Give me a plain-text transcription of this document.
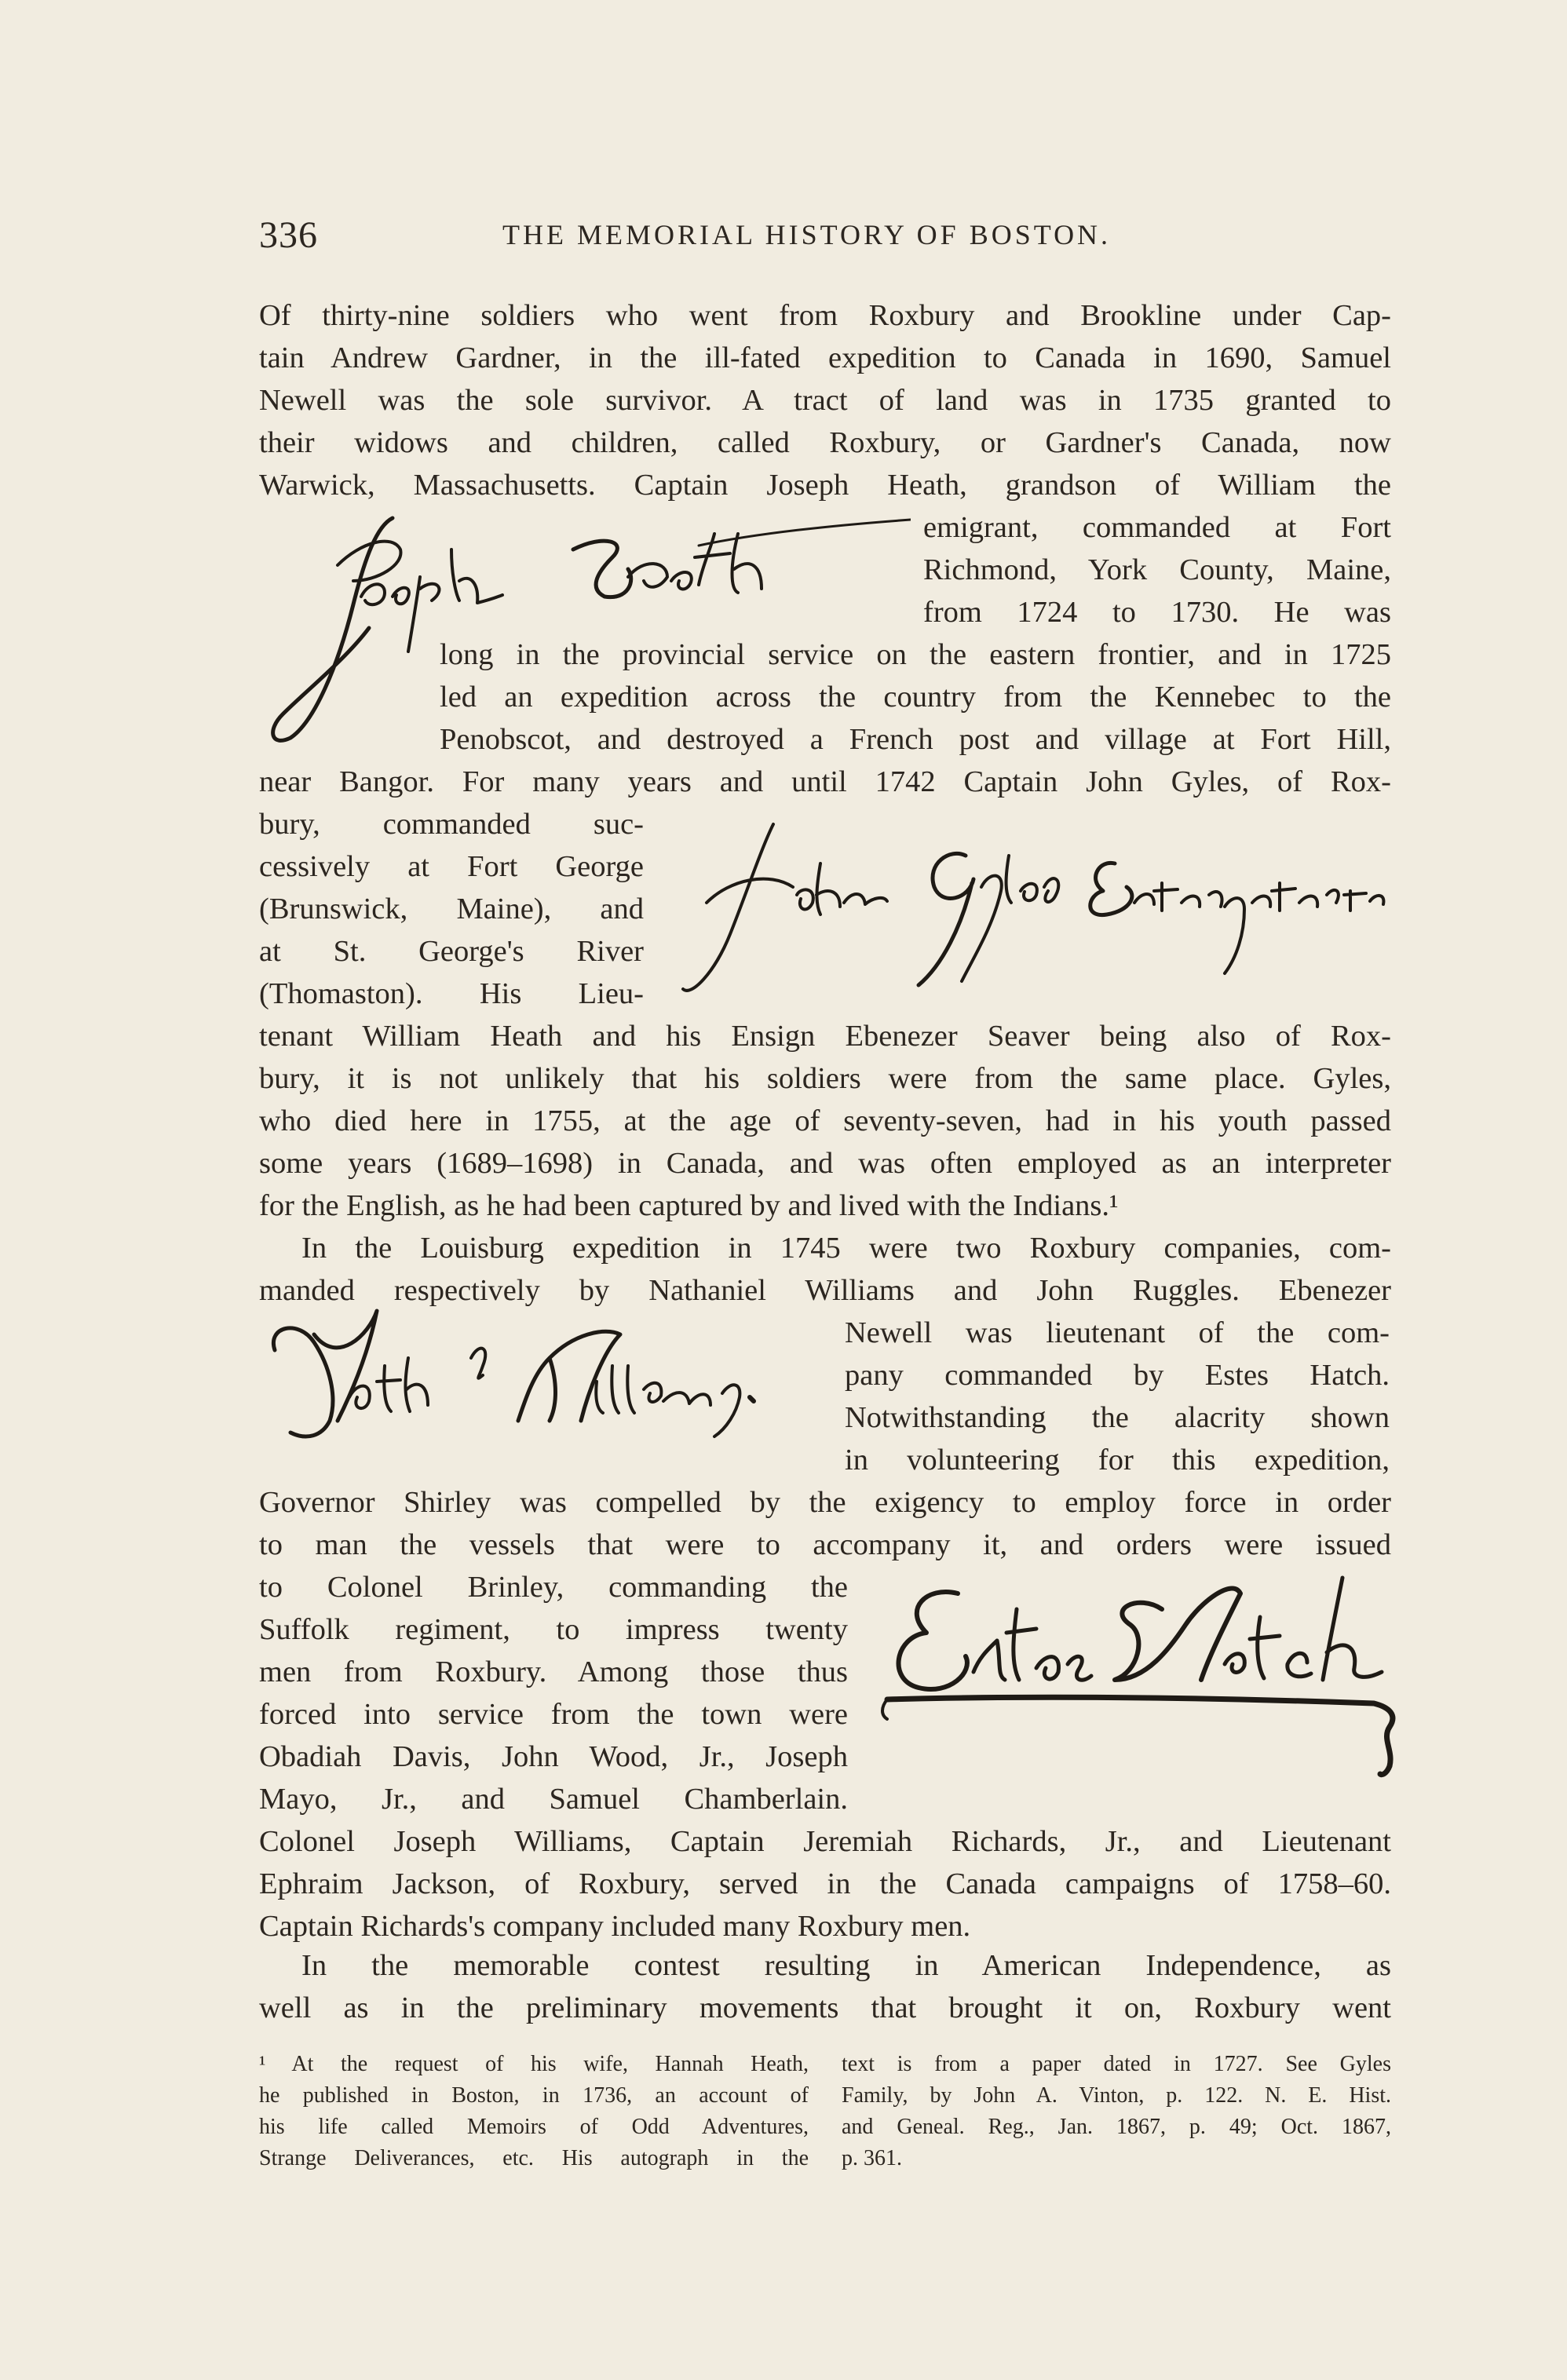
336	THE MEMORIAL HISTORY OF BOSTON.
Of thirty-nine soldiers who went from Roxbury and Brookline under Cap-
tain Andrew Gardner, in the ill-fated expedition to Canada in 1690, Samuel
Newell was the sole survivor. A tract of land was in 1735 granted to
their widows and children, called Roxbury, or Gardner's Canada, now
Warwick, Massachusetts. Captain Joseph Heath, grandson of William the
emigrant, commanded at Fort
Richmond, York County, Maine,
from 1724 to 1730. He was
long in the provincial service on the eastern frontier, and in 1725
led an expedition across the country from the Kennebec to the
Penobscot, and destroyed a French post and village at Fort Hill,
near Bangor. For many years and until 1742 Captain John Gyles, of Rox-
bury, commanded suc-
cessively at Fort George
(Brunswick, Maine), and
at St. George's River
(Thomaston). His Lieu-
tenant William Heath and his Ensign Ebenezer Seaver being also of Rox-
bury, it is not unlikely that his soldiers were from the same place. Gyles,
who died here in 1755, at the age of seventy-seven, had in his youth passed
some years (1689–1698) in Canada, and was often employed as an interpreter
for the English, as he had been captured by and lived with the Indians.¹
In the Louisburg expedition in 1745 were two Roxbury companies, com-
manded respectively by Nathaniel Williams and John Ruggles. Ebenezer
Newell was lieutenant of the com-
pany commanded by Estes Hatch.
Notwithstanding the alacrity shown
in volunteering for this expedition,
Governor Shirley was compelled by the exigency to employ force in order
to man the vessels that were to accompany it, and orders were issued
to Colonel Brinley, commanding the
Suffolk regiment, to impress twenty
men from Roxbury. Among those thus
forced into service from the town were
Obadiah Davis, John Wood, Jr., Joseph
Mayo, Jr., and Samuel Chamberlain.
Colonel Joseph Williams, Captain Jeremiah Richards, Jr., and Lieutenant
Ephraim Jackson, of Roxbury, served in the Canada campaigns of 1758–60.
Captain Richards's company included many Roxbury men.
In the memorable contest resulting in American Independence, as
well as in the preliminary movements that brought it on, Roxbury went
¹ At the request of his wife, Hannah Heath,
he published in Boston, in 1736, an account of
his life called Memoirs of Odd Adventures,
Strange Deliverances, etc. His autograph in the
text is from a paper dated in 1727. See Gyles
Family, by John A. Vinton, p. 122. N. E. Hist.
and Geneal. Reg., Jan. 1867, p. 49; Oct. 1867,
p. 361.
